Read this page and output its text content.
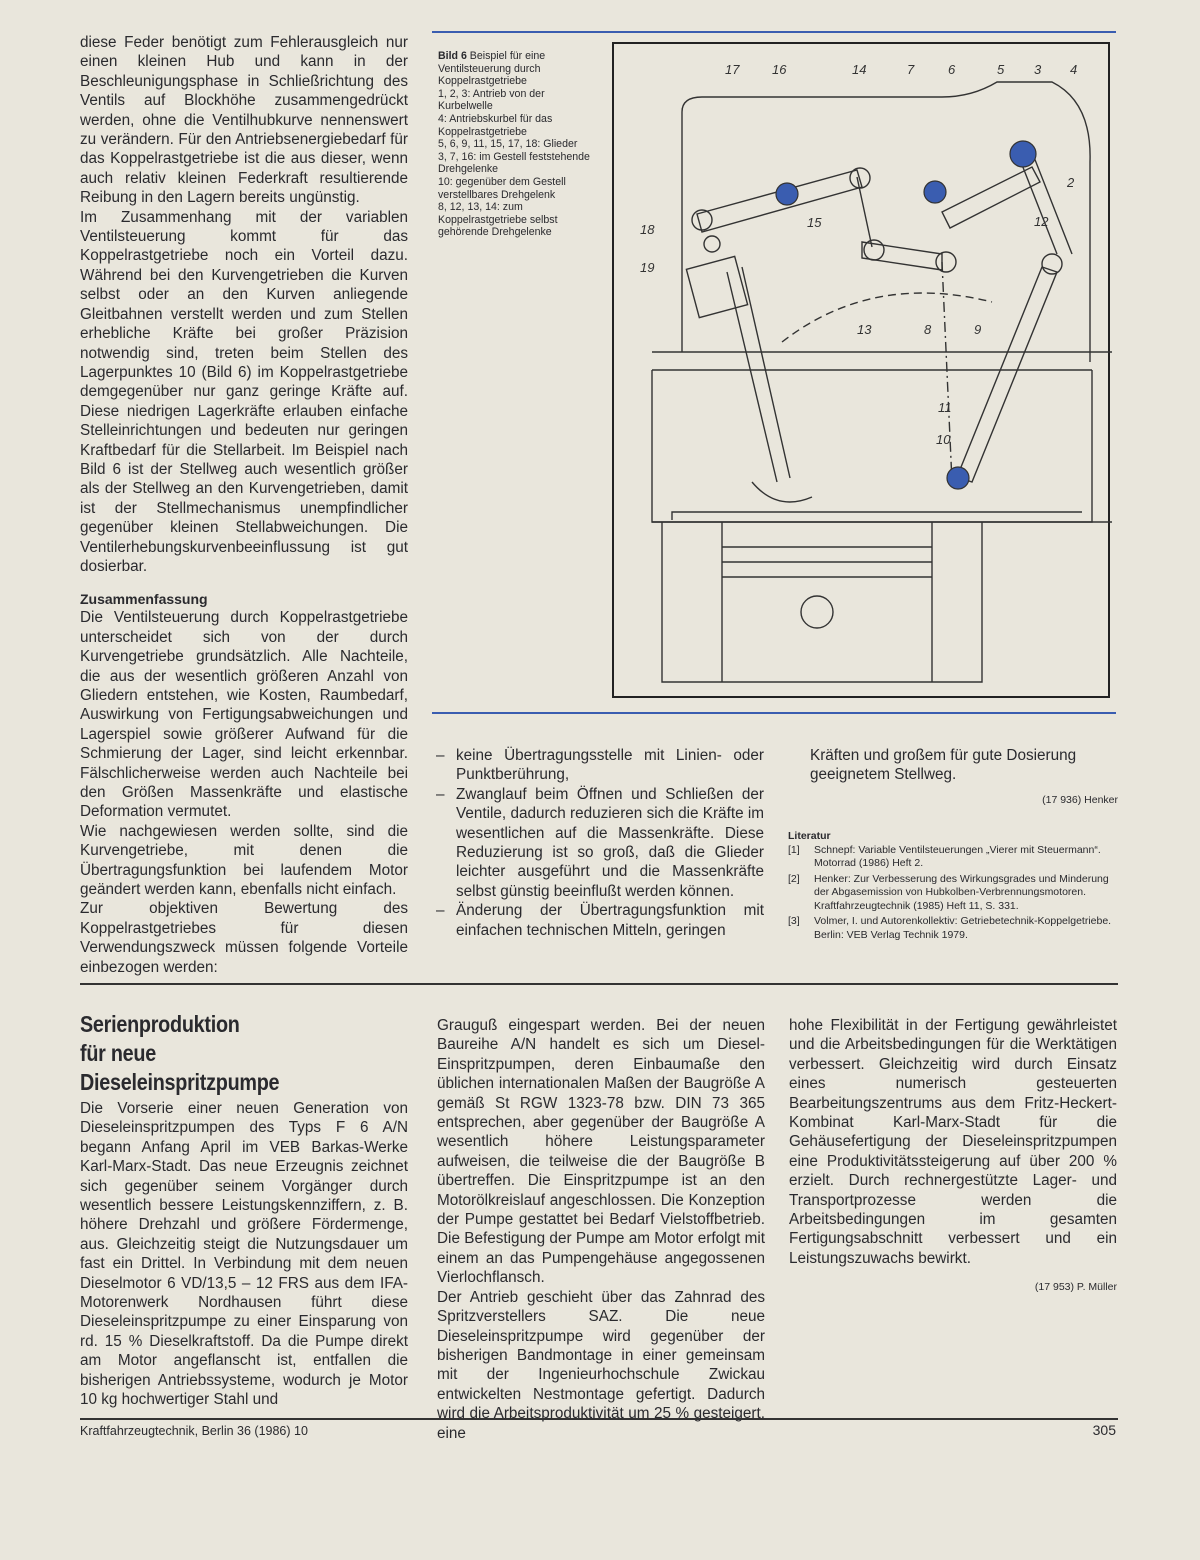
diese Feder benötigt zum Fehlerausgleich nur einen kleinen Hub und kann in der Beschleunigungsphase in Schließrichtung des Ventils auf Blockhöhe zusammengedrückt werden, ohne die Ventilhubkurve nennenswert zu verändern. Für den Antriebsenergiebedarf für das Koppelrastgetriebe ist die aus dieser, wenn auch relativ kleinen Federkraft resultierende Reibung in den Lagern bereits ungünstig.

Im Zusammenhang mit der variablen Ventilsteuerung kommt für das Koppelrastgetriebe noch ein Vorteil dazu. Während bei den Kurvengetrieben die Kurven selbst oder an den Kurven anliegende Gleitbahnen verstellt werden und zum Stellen erhebliche Kräfte bei großer Präzision notwendig sind, treten beim Stellen des Lagerpunktes 10 (Bild 6) im Koppelrastgetriebe demgegenüber nur ganz geringe Kräfte auf. Diese niedrigen Lagerkräfte erlauben einfache Stelleinrichtungen und bedeuten nur geringen Kraftbedarf für die Stellarbeit. Im Beispiel nach Bild 6 ist der Stellweg auch wesentlich größer als der Stellweg an den Kurvengetrieben, damit ist der Stellmechanismus unempfindlicher gegenüber kleinen Stellabweichungen. Die Ventilerhebungskurvenbeeinflussung ist gut dosierbar.

Zusammenfassung

Die Ventilsteuerung durch Koppelrastgetriebe unterscheidet sich von der durch Kurvengetriebe grundsätzlich. Alle Nachteile, die aus der wesentlich größeren Anzahl von Gliedern entstehen, wie Kosten, Raumbedarf, Auswirkung von Fertigungsabweichungen und Lagerspiel sowie größerer Aufwand für die Schmierung der Lager, sind leicht erkennbar. Fälschlicherweise werden auch Nachteile bei den Größen Massenkräfte und elastische Deformation vermutet.

Wie nachgewiesen werden sollte, sind die Kurvengetriebe, mit denen die Übertragungsfunktion bei laufendem Motor geändert werden kann, ebenfalls nicht einfach.

Zur objektiven Bewertung des Koppelrastgetriebes für diesen Verwendungszweck müssen folgende Vorteile einbezogen werden:

Bild 6 Beispiel für eine Ventilsteuerung durch Koppelrastgetriebe
1, 2, 3: Antrieb von der Kurbelwelle
4: Antriebskurbel für das Koppelrastgetriebe
5, 6, 9, 11, 15, 17, 18: Glieder
3, 7, 16: im Gestell feststehende Drehgelenke
10: gegenüber dem Gestell verstellbares Drehgelenk
8, 12, 13, 14: zum Koppelrastgetriebe selbst gehörende Drehgelenke
17	16	14	7	6	5 3 4
2
18	15	12
19
13	8	9
11
10
– keine Übertragungsstelle mit Linien- oder Punktberührung,
– Zwanglauf beim Öffnen und Schließen der Ventile, dadurch reduzieren sich die Kräfte im wesentlichen auf die Massenkräfte. Diese Reduzierung ist so groß, daß die Glieder leichter ausgeführt und die Massenkräfte selbst günstig beeinflußt werden können.
– Änderung der Übertragungsfunktion mit einfachen technischen Mitteln, geringen

Kräften und großem für gute Dosierung geeignetem Stellweg.

(17 936) Henker
Literatur
[1] Schnepf: Variable Ventilsteuerungen „Vierer mit Steuermann“. Motorrad (1986) Heft 2.
[2] Henker: Zur Verbesserung des Wirkungsgrades und Minderung der Abgasemission von Hubkolben-Verbrennungsmotoren. Kraftfahrzeugtechnik (1985) Heft 11, S. 331.
[3] Volmer, I. und Autorenkollektiv: Getriebetechnik-Koppelgetriebe. Berlin: VEB Verlag Technik 1979.
Serienproduktion
für neue
Dieseleinspritzpumpe

Die Vorserie einer neuen Generation von Dieseleinspritzpumpen des Typs F 6 A/N begann Anfang April im VEB Barkas-Werke Karl-Marx-Stadt. Das neue Erzeugnis zeichnet sich gegenüber seinem Vorgänger durch wesentlich bessere Leistungskennziffern, z. B. höhere Drehzahl und größere Fördermenge, aus. Gleichzeitig steigt die Nutzungsdauer um fast ein Drittel. In Verbindung mit dem neuen Dieselmotor 6 VD/13,5 – 12 FRS aus dem IFA-Motorenwerk Nordhausen führt diese Dieseleinspritzpumpe zu einer Einsparung von rd. 15 % Dieselkraftstoff. Da die Pumpe direkt am Motor angeflanscht ist, entfallen die bisherigen Antriebssysteme, wodurch je Motor 10 kg hochwertiger Stahl und

Grauguß eingespart werden. Bei der neuen Baureihe A/N handelt es sich um Diesel-Einspritzpumpen, deren Einbaumaße den üblichen internationalen Maßen der Baugröße A gemäß St RGW 1323-78 bzw. DIN 73 365 entsprechen, aber gegenüber der Baugröße A wesentlich höhere Leistungsparameter aufweisen, die teilweise die der Baugröße B übertreffen. Die Einspritzpumpe ist an den Motorölkreislauf angeschlossen. Die Konzeption der Pumpe gestattet bei Bedarf Vielstoffbetrieb. Die Befestigung der Pumpe am Motor erfolgt mit einem an das Pumpengehäuse angegossenen Vierlochflansch.

Der Antrieb geschieht über das Zahnrad des Spritzverstellers SAZ. Die neue Dieseleinspritzpumpe wird gegenüber der bisherigen Bandmontage in einer gemeinsam mit der Ingenieurhochschule Zwickau entwickelten Nestmontage gefertigt. Dadurch wird die Arbeitsproduktivität um 25 % gesteigert, eine

hohe Flexibilität in der Fertigung gewährleistet und die Arbeitsbedingungen für die Werktätigen verbessert. Gleichzeitig wird durch Einsatz eines numerisch gesteuerten Bearbeitungszentrums aus dem Fritz-Heckert-Kombinat Karl-Marx-Stadt für die Gehäusefertigung der Dieseleinspritzpumpen eine Produktivitätssteigerung auf über 200 % erzielt. Durch rechnergestützte Lager- und Transportprozesse werden die Arbeitsbedingungen im gesamten Fertigungsabschnitt verbessert und ein Leistungszuwachs bewirkt.

(17 953) P. Müller
Kraftfahrzeugtechnik, Berlin 36 (1986) 10	305
